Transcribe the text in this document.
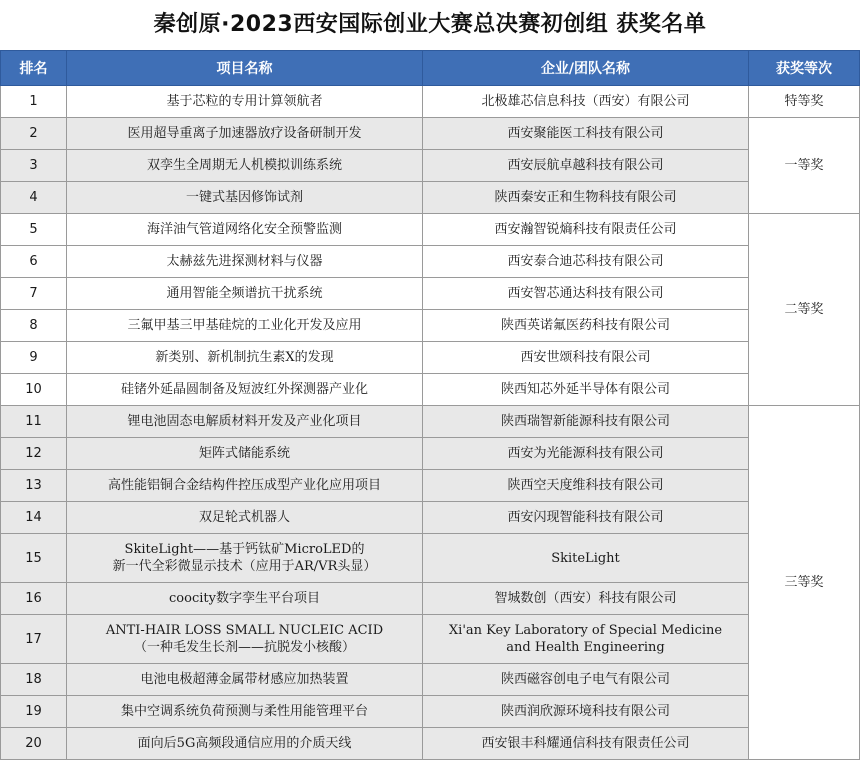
秦创原·2023西安国际创业大赛总决赛初创组 获奖名单
排名	项目名称	企业/团队名称	获奖等次
1	基于芯粒的专用计算领航者	北极雄芯信息科技（西安）有限公司	特等奖
2	医用超导重离子加速器放疗设备研制开发	西安聚能医工科技有限公司	一等奖
3	双孪生全周期无人机模拟训练系统	西安辰航卓越科技有限公司	
4	一键式基因修饰试剂	陕西秦安正和生物科技有限公司	
5	海洋油气管道网络化安全预警监测	西安瀚智锐熵科技有限责任公司	二等奖
6	太赫兹先进探测材料与仪器	西安泰合迪芯科技有限公司	
7	通用智能全频谱抗干扰系统	西安智芯通达科技有限公司	
8	三氟甲基三甲基硅烷的工业化开发及应用	陕西英诺氟医药科技有限公司	
9	新类别、新机制抗生素X的发现	西安世颂科技有限公司	
10	硅锗外延晶圆制备及短波红外探测器产业化	陕西知芯外延半导体有限公司	
11	锂电池固态电解质材料开发及产业化项目	陕西瑞智新能源科技有限公司	三等奖
12	矩阵式储能系统	西安为光能源科技有限公司	
13	高性能铝铜合金结构件控压成型产业化应用项目	陕西空天度维科技有限公司	
14	双足轮式机器人	西安闪现智能科技有限公司	
15	SkiteLight——基于钙钛矿MicroLED的
新一代全彩微显示技术（应用于AR/VR头显）	SkiteLight	
16	coocity数字孪生平台项目	智城数创（西安）科技有限公司	
17	ANTI-HAIR LOSS SMALL NUCLEIC ACID
（一种毛发生长剂——抗脱发小核酸）	Xi'an Key Laboratory of Special Medicine
and Health Engineering	

18	电池电极超薄金属带材感应加热装置	陕西磁容创电子电气有限公司	
19	集中空调系统负荷预测与柔性用能管理平台	陕西润欣源环境科技有限公司	
20	面向后5G高频段通信应用的介质天线	西安银丰科耀通信科技有限责任公司	
